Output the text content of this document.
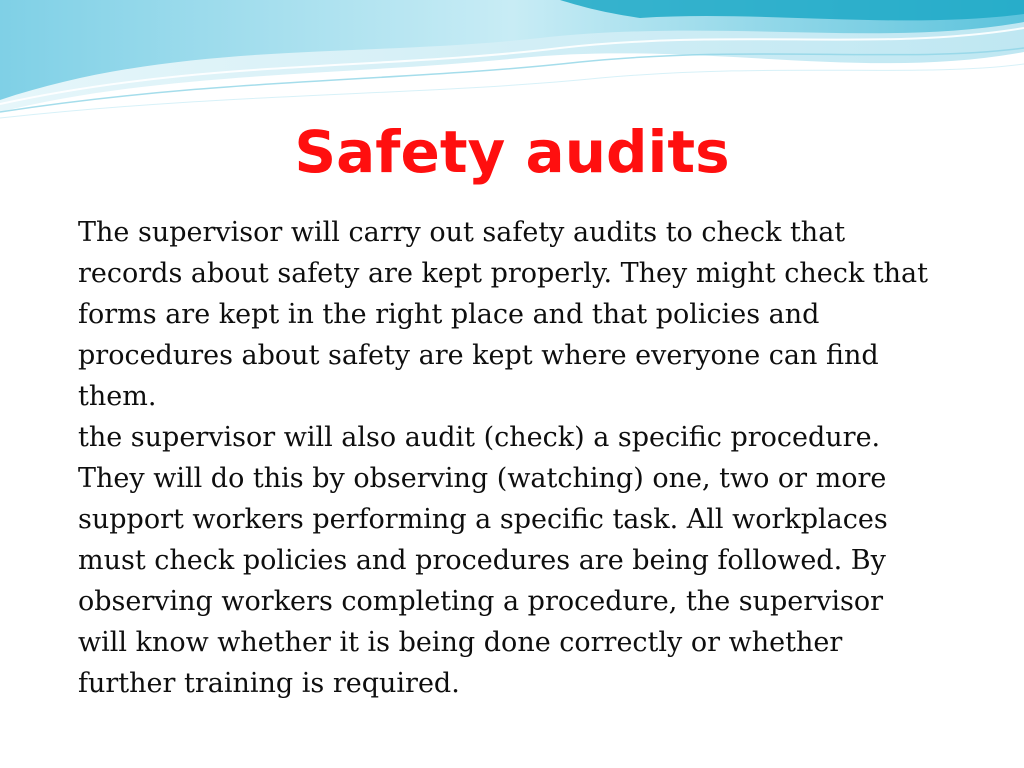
Safety audits

The supervisor will carry out safety audits to check that records about safety are kept properly. They might check that forms are kept in the right place and that policies and procedures about safety are kept where everyone can find them.

the supervisor will also audit (check) a specific procedure. They will do this by observing (watching) one, two or more support workers performing a specific task. All workplaces must check policies and procedures are being followed. By observing workers completing a procedure, the supervisor will know whether it is being done correctly or whether further training is required.
